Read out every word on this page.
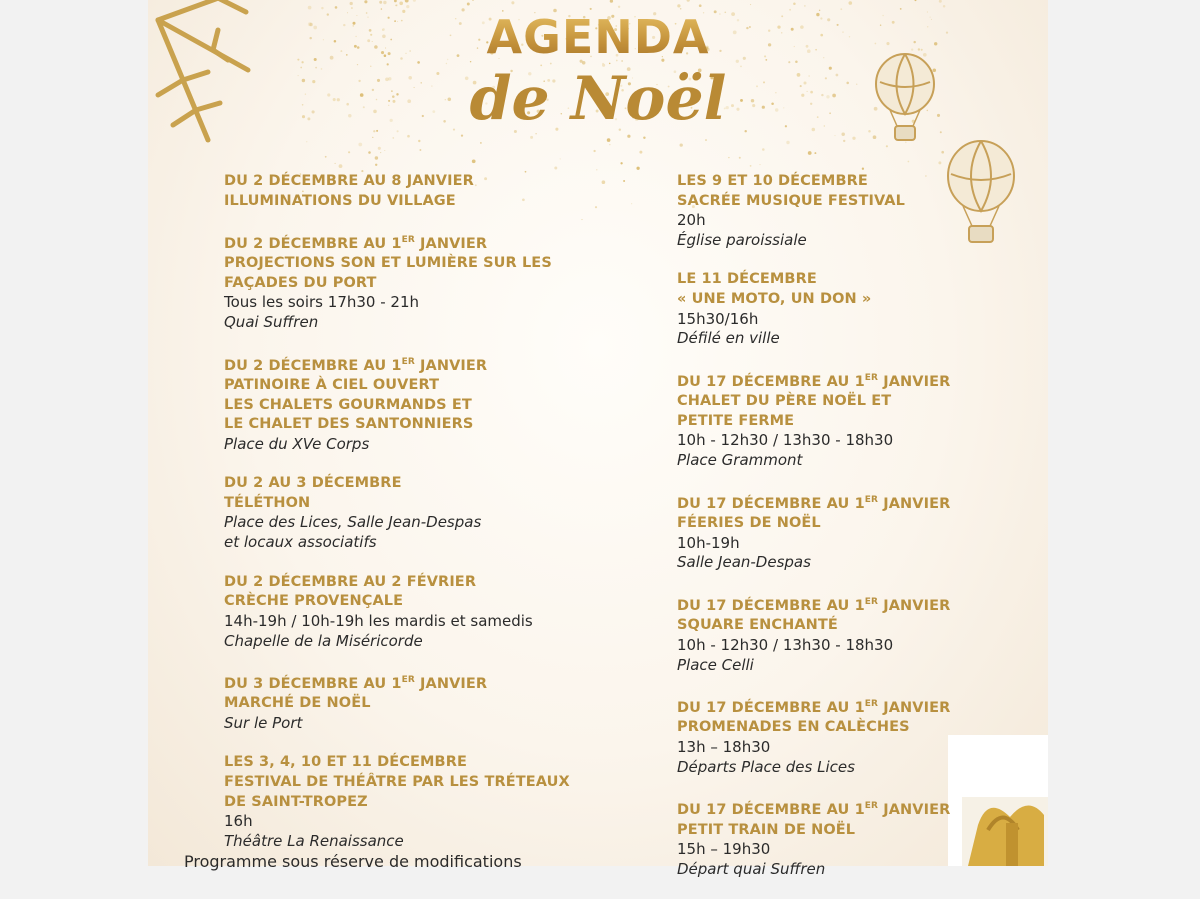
AGENDA
de Noël
DU 2 DÉCEMBRE AU 8 JANVIER
ILLUMINATIONS DU VILLAGE
DU 2 DÉCEMBRE AU 1ER JANVIER
PROJECTIONS SON ET LUMIÈRE SUR LES FAÇADES DU PORT
Tous les soirs 17h30 - 21h
Quai Suffren
DU 2 DÉCEMBRE AU 1ER JANVIER
PATINOIRE À CIEL OUVERT
LES CHALETS GOURMANDS ET
LE CHALET DES SANTONNIERS
Place du XVe Corps
DU 2 AU 3 DÉCEMBRE
TÉLÉTHON
Place des Lices, Salle Jean-Despas
et locaux associatifs
DU 2 DÉCEMBRE AU 2 FÉVRIER
CRÈCHE PROVENÇALE
14h-19h / 10h-19h les mardis et samedis
Chapelle de la Miséricorde
DU 3 DÉCEMBRE AU 1ER JANVIER
MARCHÉ DE NOËL
Sur le Port
LES 3, 4, 10 ET 11 DÉCEMBRE
FESTIVAL DE THÉÂTRE PAR LES TRÉTEAUX DE SAINT-TROPEZ
16h
Théâtre La Renaissance
LES 9 ET 10 DÉCEMBRE
SACRÉE MUSIQUE FESTIVAL
20h
Église paroissiale
LE 11 DÉCEMBRE
« UNE MOTO, UN DON »
15h30/16h
Défilé en ville
DU 17 DÉCEMBRE AU 1ER JANVIER
CHALET DU PÈRE NOËL ET
PETITE FERME
10h - 12h30 / 13h30 - 18h30
Place Grammont
DU 17 DÉCEMBRE AU 1ER JANVIER
FÉERIES DE NOËL
10h-19h
Salle Jean-Despas
DU 17 DÉCEMBRE AU 1ER JANVIER
SQUARE ENCHANTÉ
10h - 12h30 / 13h30 - 18h30
Place Celli
DU 17 DÉCEMBRE AU 1ER JANVIER
PROMENADES EN CALÈCHES
13h – 18h30
Départs Place des Lices
DU 17 DÉCEMBRE AU 1ER JANVIER
PETIT TRAIN DE NOËL
15h – 19h30
Départ quai Suffren
Programme sous réserve de modifications
